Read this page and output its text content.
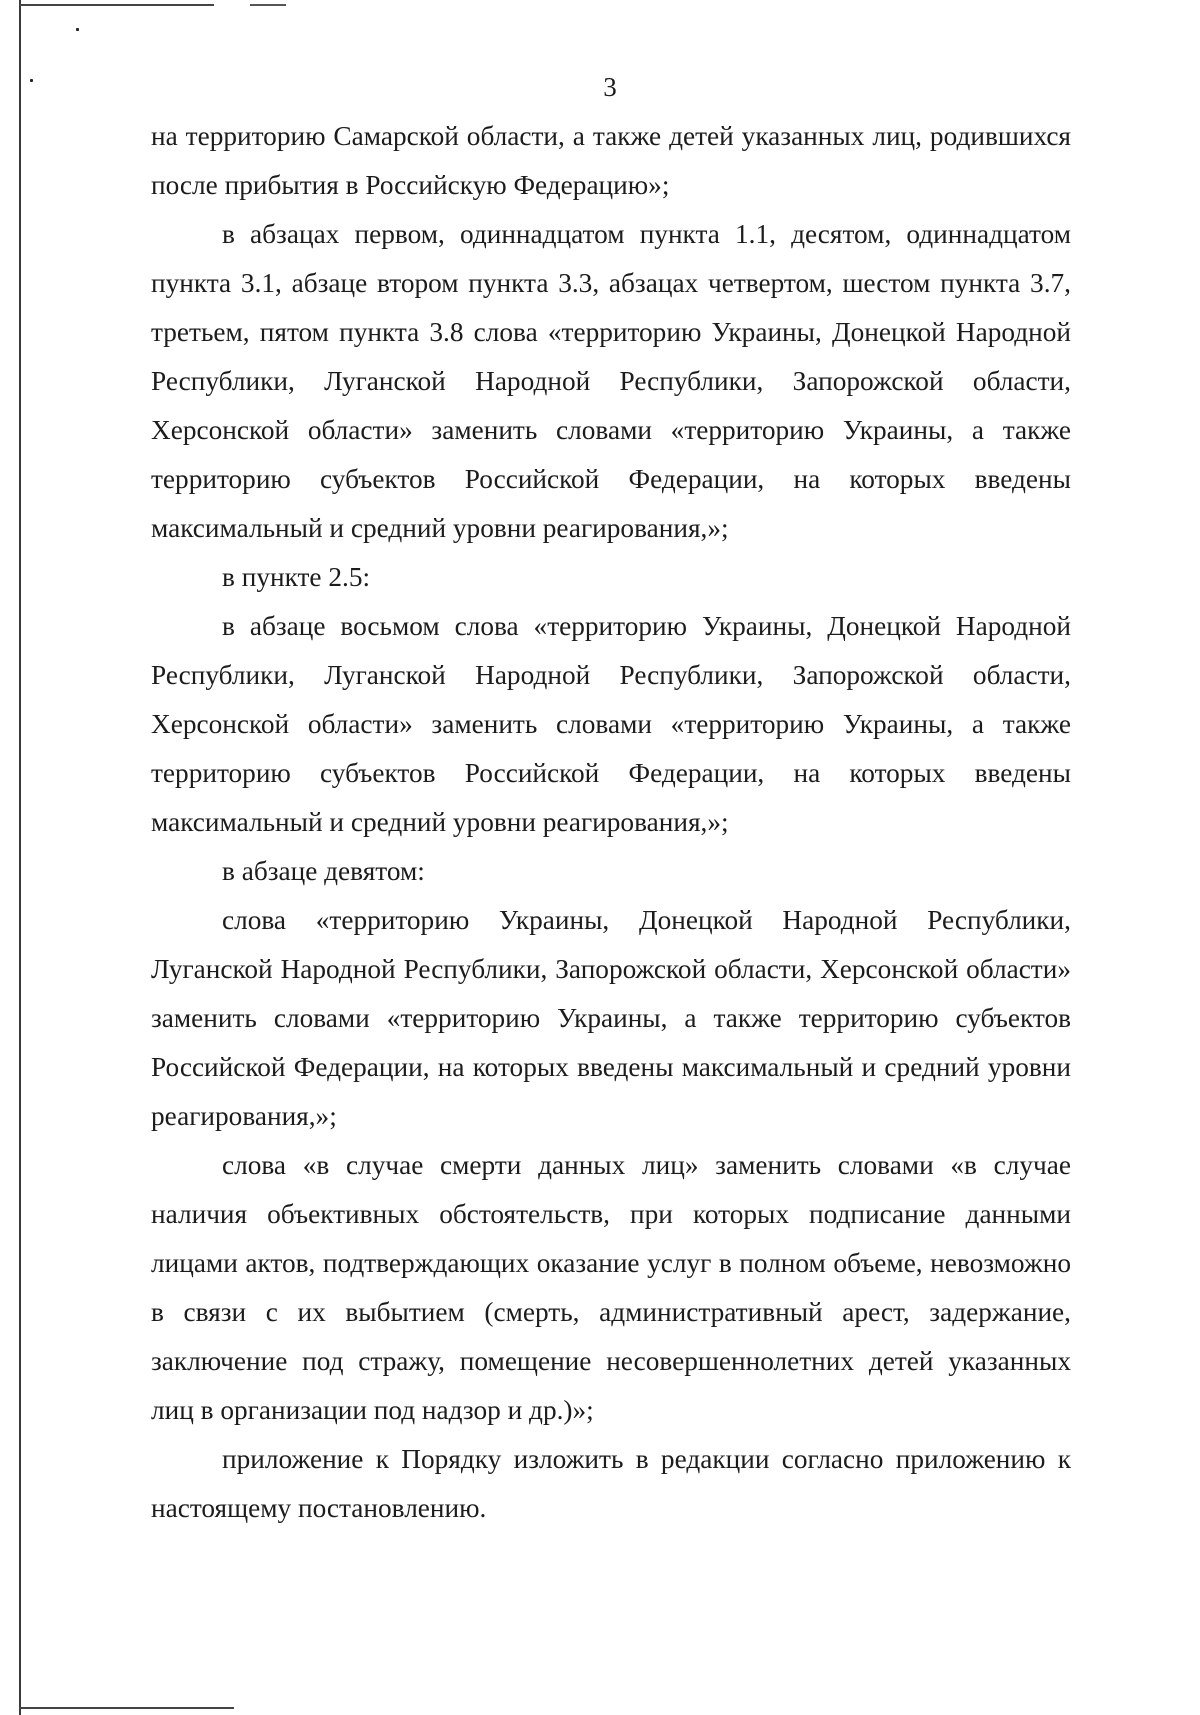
3

на территорию Самарской области, а также детей указанных лиц, родившихся после прибытия в Российскую Федерацию»;

в абзацах первом, одиннадцатом пункта 1.1, десятом, одиннадцатом пункта 3.1, абзаце втором пункта 3.3, абзацах четвертом, шестом пункта 3.7, третьем, пятом пункта 3.8 слова «территорию Украины, Донецкой Народной Республики, Луганской Народной Республики, Запорожской области, Херсонской области» заменить словами «территорию Украины, а также территорию субъектов Российской Федерации, на которых введены максимальный и средний уровни реагирования,»;

в пункте 2.5:

в абзаце восьмом слова «территорию Украины, Донецкой Народной Республики, Луганской Народной Республики, Запорожской области, Херсонской области» заменить словами «территорию Украины, а также территорию субъектов Российской Федерации, на которых введены максимальный и средний уровни реагирования,»;

в абзаце девятом:

слова «территорию Украины, Донецкой Народной Республики, Луганской Народной Республики, Запорожской области, Херсонской области» заменить словами «территорию Украины, а также территорию субъектов Российской Федерации, на которых введены максимальный и средний уровни реагирования,»;

слова «в случае смерти данных лиц» заменить словами «в случае наличия объективных обстоятельств, при которых подписание данными лицами актов, подтверждающих оказание услуг в полном объеме, невозможно в связи с их выбытием (смерть, административный арест, задержание, заключение под стражу, помещение несовершеннолетних детей указанных лиц в организации под надзор и др.)»;

приложение к Порядку изложить в редакции согласно приложению к настоящему постановлению.
